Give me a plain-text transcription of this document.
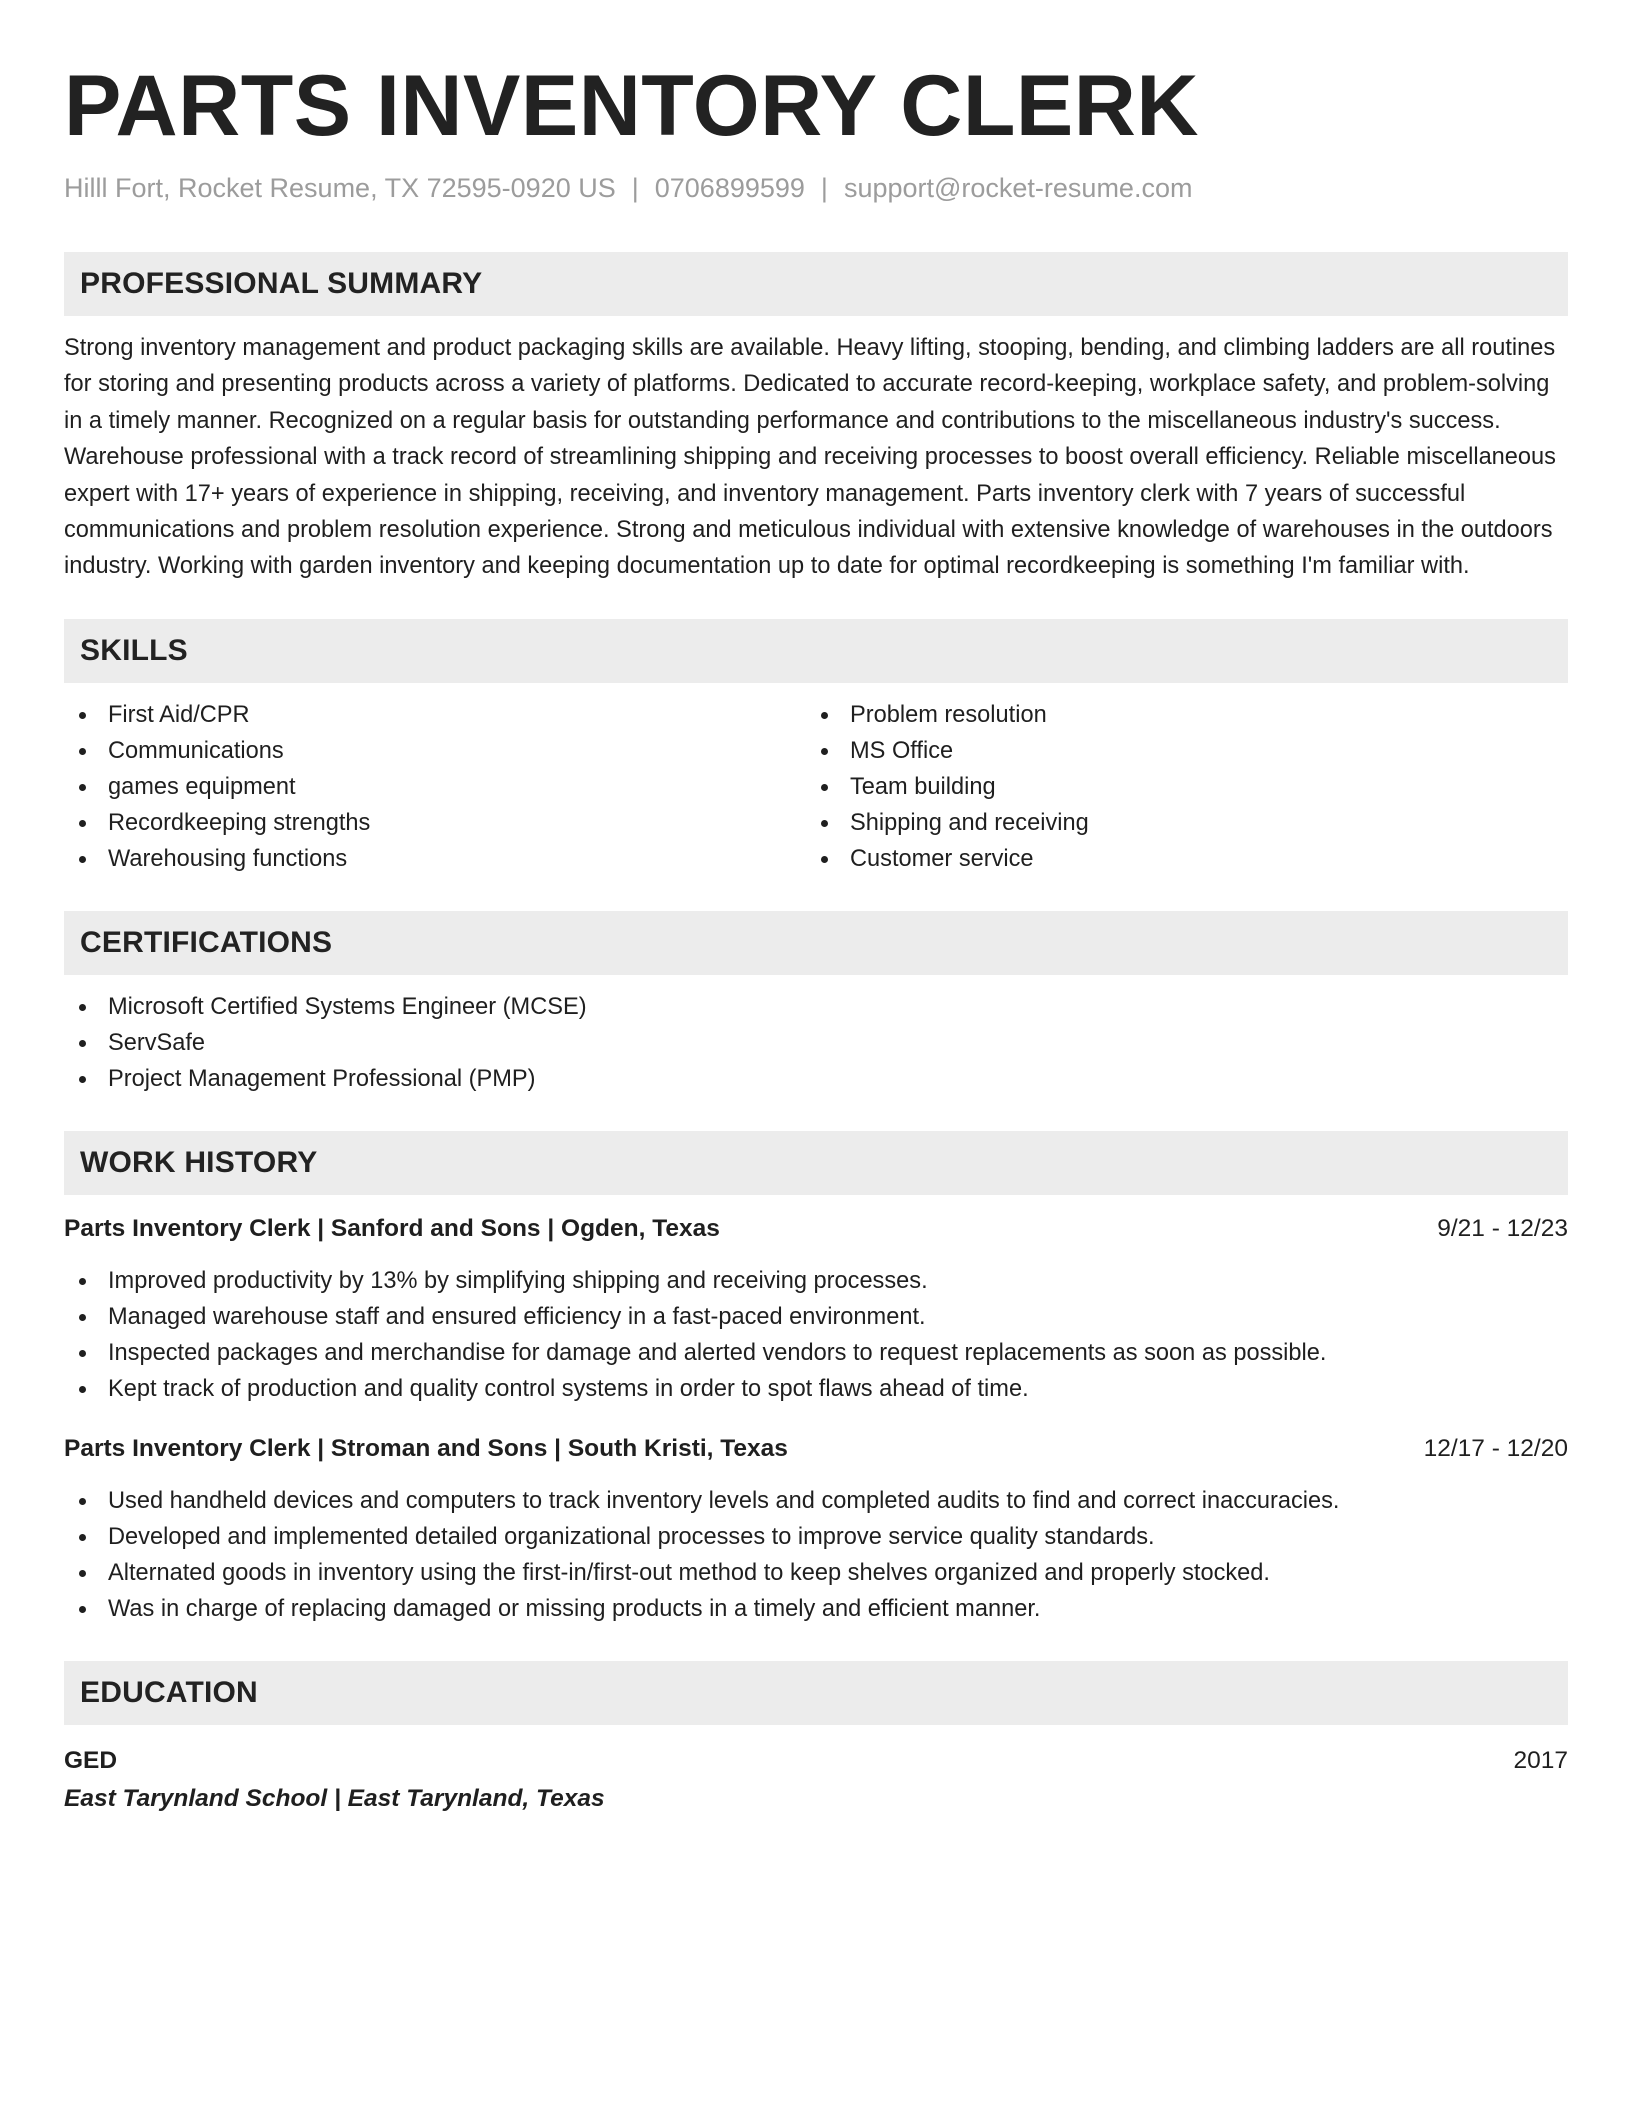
PARTS INVENTORY CLERK
Hilll Fort, Rocket Resume, TX 72595-0920 US | 0706899599 | support@rocket-resume.com
PROFESSIONAL SUMMARY
Strong inventory management and product packaging skills are available. Heavy lifting, stooping, bending, and climbing ladders are all routines for storing and presenting products across a variety of platforms. Dedicated to accurate record-keeping, workplace safety, and problem-solving in a timely manner. Recognized on a regular basis for outstanding performance and contributions to the miscellaneous industry's success. Warehouse professional with a track record of streamlining shipping and receiving processes to boost overall efficiency. Reliable miscellaneous expert with 17+ years of experience in shipping, receiving, and inventory management. Parts inventory clerk with 7 years of successful communications and problem resolution experience. Strong and meticulous individual with extensive knowledge of warehouses in the outdoors industry. Working with garden inventory and keeping documentation up to date for optimal recordkeeping is something I'm familiar with.
SKILLS
First Aid/CPR
Communications
games equipment
Recordkeeping strengths
Warehousing functions
Problem resolution
MS Office
Team building
Shipping and receiving
Customer service
CERTIFICATIONS
Microsoft Certified Systems Engineer (MCSE)
ServSafe
Project Management Professional (PMP)
WORK HISTORY
Parts Inventory Clerk | Sanford and Sons | Ogden, Texas	9/21 - 12/23
Improved productivity by 13% by simplifying shipping and receiving processes.
Managed warehouse staff and ensured efficiency in a fast-paced environment.
Inspected packages and merchandise for damage and alerted vendors to request replacements as soon as possible.
Kept track of production and quality control systems in order to spot flaws ahead of time.
Parts Inventory Clerk | Stroman and Sons | South Kristi, Texas	12/17 - 12/20
Used handheld devices and computers to track inventory levels and completed audits to find and correct inaccuracies.
Developed and implemented detailed organizational processes to improve service quality standards.
Alternated goods in inventory using the first-in/first-out method to keep shelves organized and properly stocked.
Was in charge of replacing damaged or missing products in a timely and efficient manner.
EDUCATION
GED	2017
East Tarynland School | East Tarynland, Texas
